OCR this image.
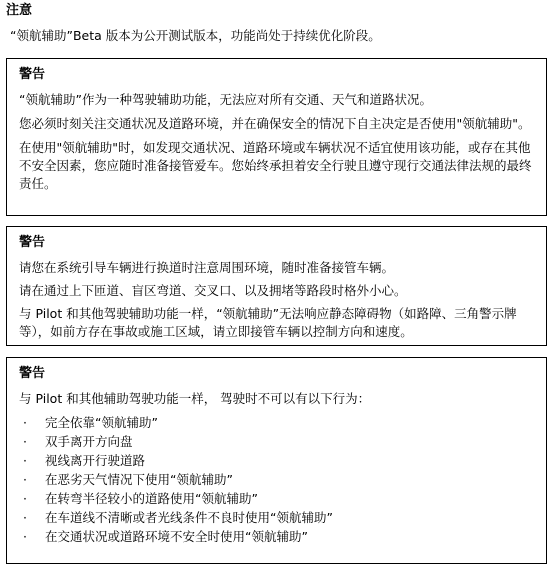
注意

“领航辅助”Beta 版本为公开测试版本，功能尚处于持续优化阶段。

警告

“领航辅助”作为一种驾驶辅助功能，无法应对所有交通、天气和道路状况。

您必须时刻关注交通状况及道路环境，并在确保安全的情况下自主决定是否使用"领航辅助"。

在使用"领航辅助"时，如发现交通状况、道路环境或车辆状况不适宜使用该功能，或存在其他不安全因素，您应随时准备接管爱车。您始终承担着安全行驶且遵守现行交通法律法规的最终责任。

警告

请您在系统引导车辆进行换道时注意周围环境，随时准备接管车辆。

请在通过上下匝道、盲区弯道、交叉口、以及拥堵等路段时格外小心。

与 Pilot 和其他驾驶辅助功能一样，“领航辅助”无法响应静态障碍物（如路障、三角警示牌等），如前方存在事故或施工区域，请立即接管车辆以控制方向和速度。

警告

与 Pilot 和其他辅助驾驶功能一样， 驾驶时不可以有以下行为：

· 完全依靠“领航辅助”
· 双手离开方向盘
· 视线离开行驶道路
· 在恶劣天气情况下使用“领航辅助”
· 在转弯半径较小的道路使用“领航辅助”
· 在车道线不清晰或者光线条件不良时使用“领航辅助”
· 在交通状况或道路环境不安全时使用“领航辅助”
